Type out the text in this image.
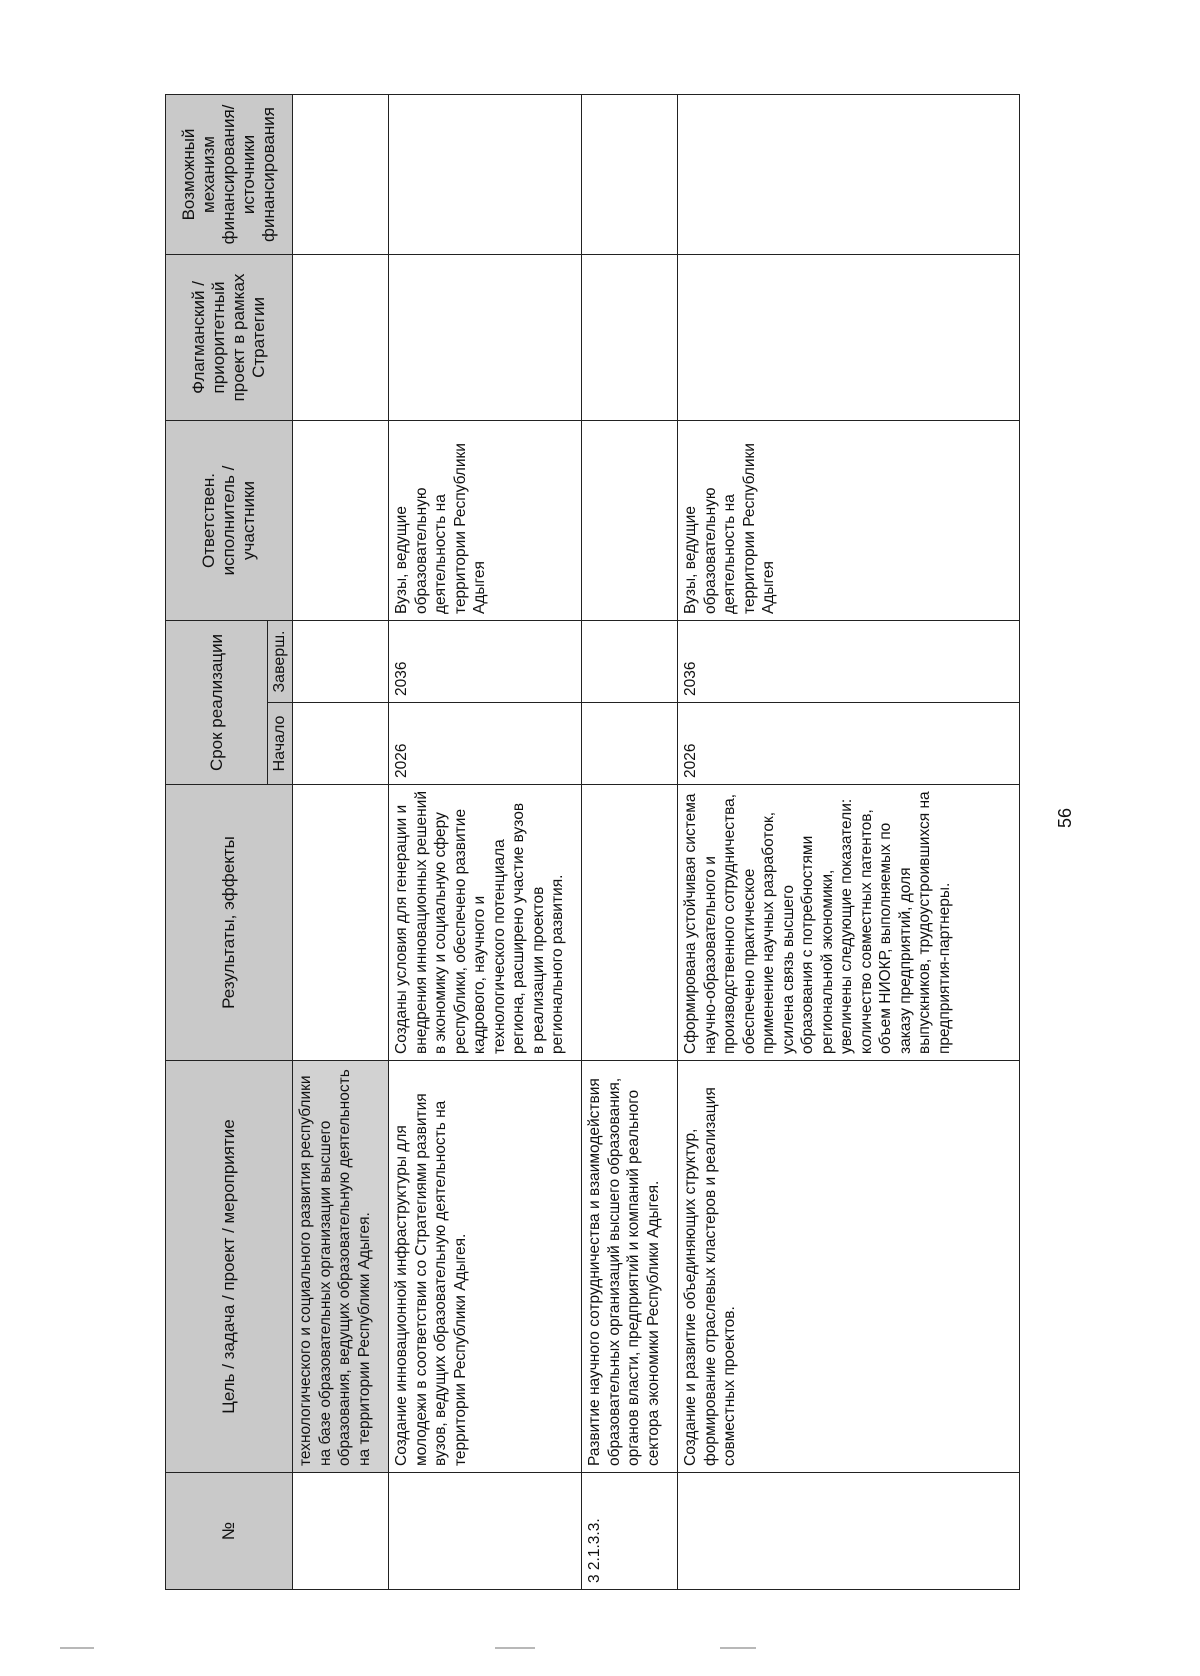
№	Цель / задача / проект / мероприятие	Результаты, эффекты	Срок реализации		Ответствен. исполнитель / участники	Флагманский / приоритетный проект в рамках Стратегии	Возможный механизм финансирования/ источники финансирования
			Начало	Заверш.			
	технологического и социального развития республики на базе образовательных организации высшего образования, ведущих образовательную деятельность на территории Республики Адыгея.						
	Создание инновационной инфраструктуры для молодежи в соответствии со Стратегиями развития вузов, ведущих образовательную деятельность на территории Республики Адыгея.	Созданы условия для генерации и внедрения инновационных решений в экономику и социальную сферу республики, обеспечено развитие кадрового, научного и технологического потенциала региона, расширено участие вузов в реализации проектов регионального развития.	2026	2036	Вузы, ведущие образовательную деятельность на территории Республики Адыгея		
3 2.1.3.3.	Развитие научного сотрудничества и взаимодействия образовательных организаций высшего образования, органов власти, предприятий и компаний реального сектора экономики Республики Адыгея.						
	Создание и развитие объединяющих структур, формирование отраслевых кластеров и реализация совместных проектов.	Сформирована устойчивая система научно-образовательного и производственного сотрудничества, обеспечено практическое применение научных разработок, усилена связь высшего образования с потребностями региональной экономики, увеличены следующие показатели: количество совместных патентов, объем НИОКР, выполняемых по заказу предприятий, доля выпускников, трудоустроившихся на предприятия-партнеры.	2026	2036	Вузы, ведущие образовательную деятельность на территории Республики Адыгея		
56
